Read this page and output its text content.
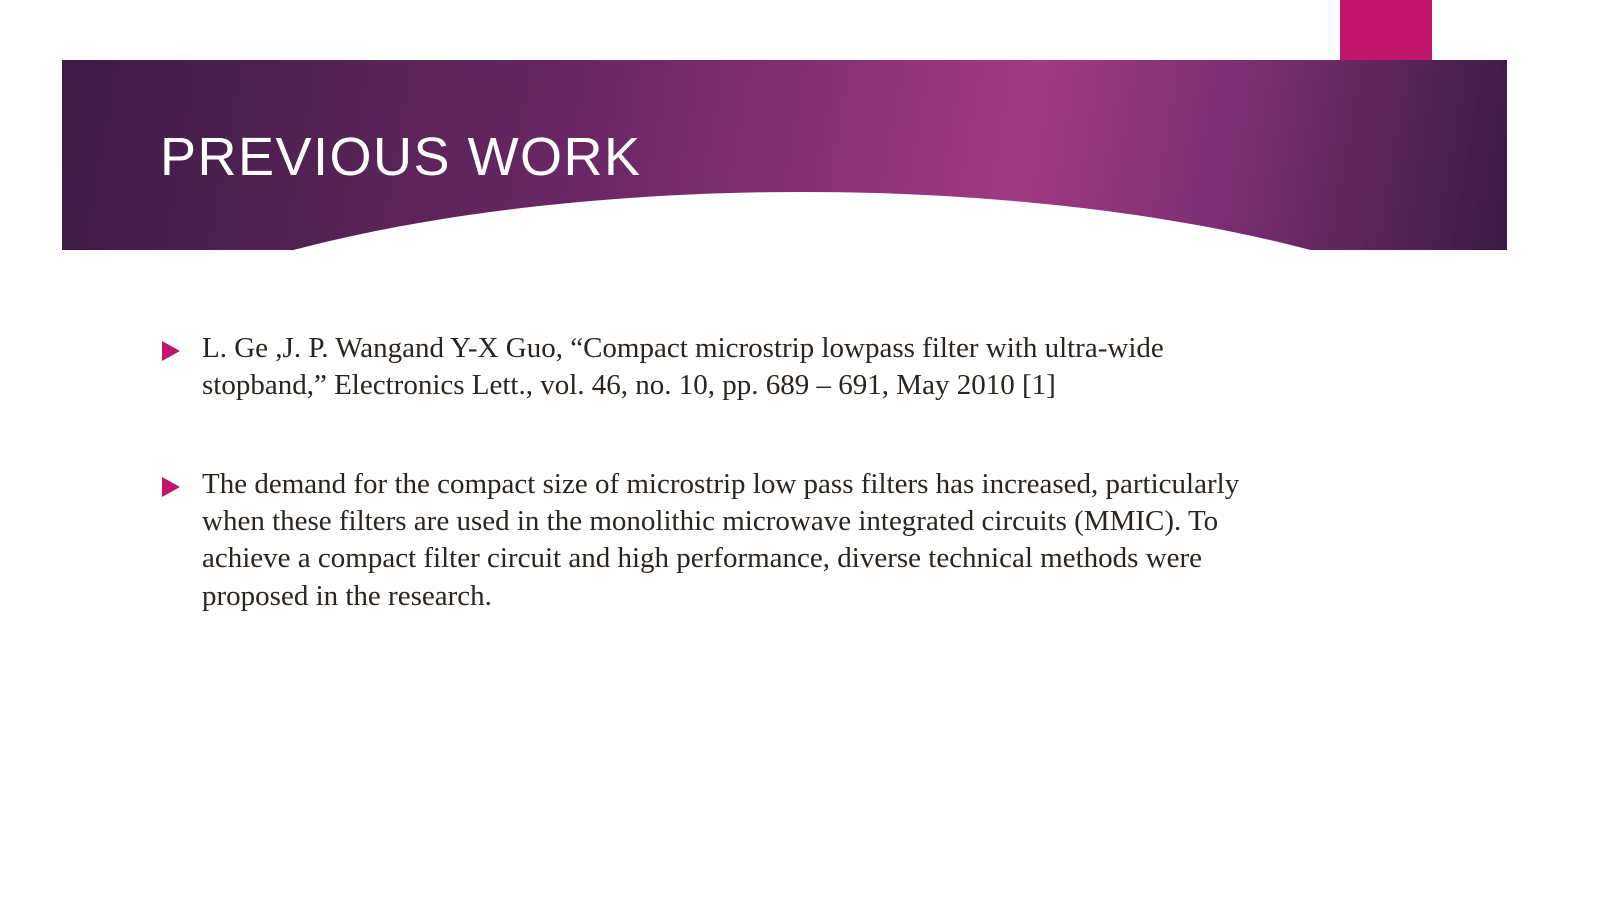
PREVIOUS WORK
L. Ge ,J. P. Wangand Y-X Guo, “Compact microstrip lowpass filter with ultra-wide stopband,” Electronics Lett., vol. 46, no. 10, pp. 689 – 691, May 2010 [1]
The demand for the compact size of microstrip low pass filters has increased, particularly when these filters are used in the monolithic microwave integrated circuits (MMIC). To achieve a compact filter circuit and high performance, diverse technical methods were proposed in the research.
